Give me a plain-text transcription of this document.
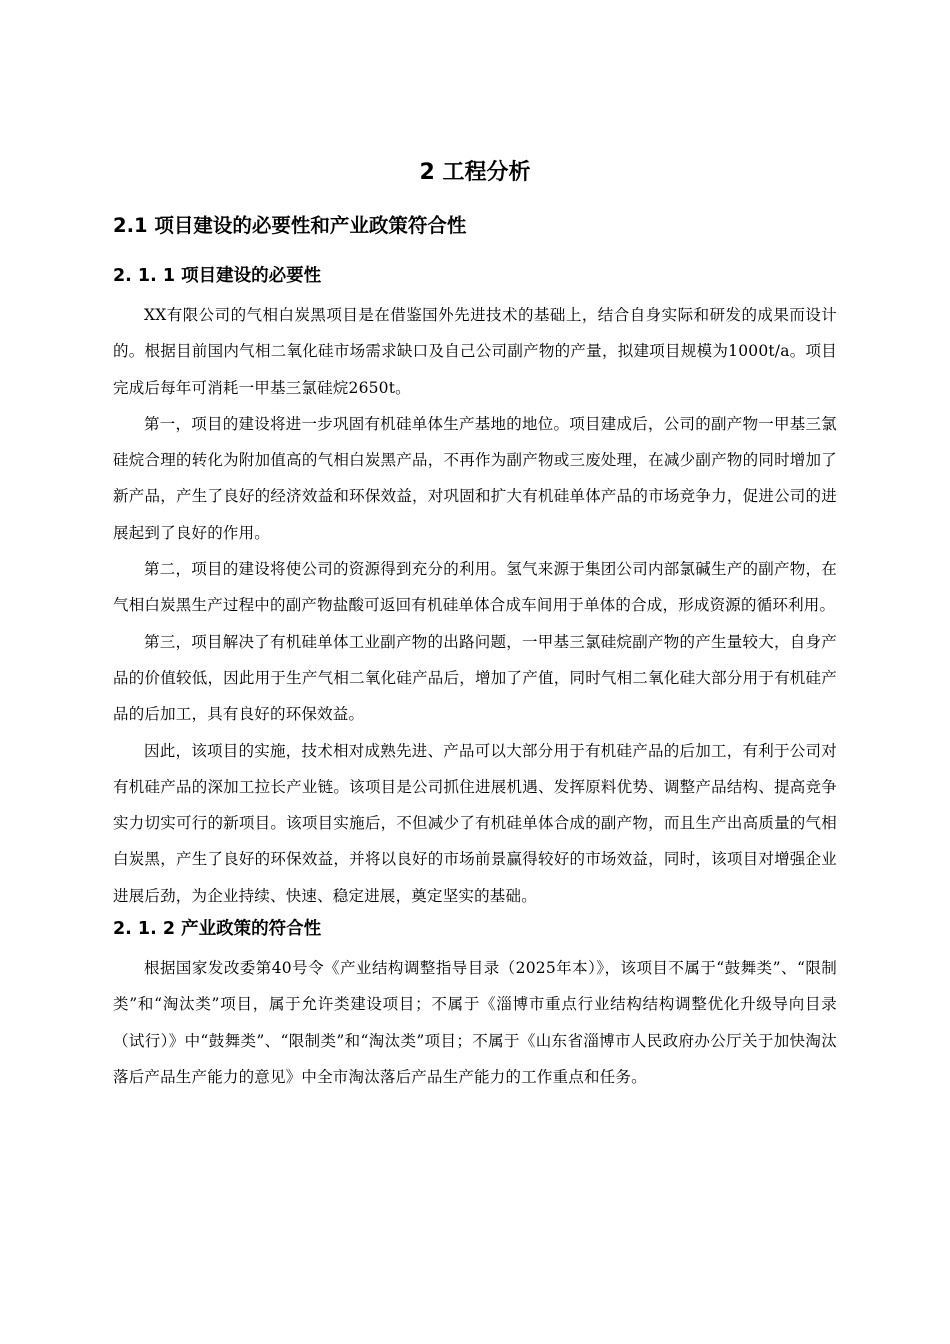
2 工程分析
2.1 项目建设的必要性和产业政策符合性
2. 1. 1 项目建设的必要性

XX有限公司的气相白炭黑项目是在借鉴国外先进技术的基础上，结合自身实际和研发的成果而设计的。根据目前国内气相二氧化硅市场需求缺口及自己公司副产物的产量，拟建项目规模为1000t/a。项目完成后每年可消耗一甲基三氯硅烷2650t。

第一，项目的建设将进一步巩固有机硅单体生产基地的地位。项目建成后，公司的副产物一甲基三氯硅烷合理的转化为附加值高的气相白炭黑产品，不再作为副产物或三废处理，在减少副产物的同时增加了新产品，产生了良好的经济效益和环保效益，对巩固和扩大有机硅单体产品的市场竞争力，促进公司的进展起到了良好的作用。

第二，项目的建设将使公司的资源得到充分的利用。氢气来源于集团公司内部氯碱生产的副产物，在气相白炭黑生产过程中的副产物盐酸可返回有机硅单体合成车间用于单体的合成，形成资源的循环利用。

第三，项目解决了有机硅单体工业副产物的出路问题，一甲基三氯硅烷副产物的产生量较大，自身产品的价值较低，因此用于生产气相二氧化硅产品后，增加了产值，同时气相二氧化硅大部分用于有机硅产品的后加工，具有良好的环保效益。

因此，该项目的实施，技术相对成熟先进、产品可以大部分用于有机硅产品的后加工，有利于公司对有机硅产品的深加工拉长产业链。该项目是公司抓住进展机遇、发挥原料优势、调整产品结构、提高竞争实力切实可行的新项目。该项目实施后，不但减少了有机硅单体合成的副产物，而且生产出高质量的气相白炭黑，产生了良好的环保效益，并将以良好的市场前景赢得较好的市场效益，同时，该项目对增强企业进展后劲，为企业持续、快速、稳定进展，奠定坚实的基础。

2. 1. 2 产业政策的符合性

根据国家发改委第40号令《产业结构调整指导目录（2025年本）》，该项目不属于“鼓舞类”、“限制类”和“淘汰类”项目，属于允许类建设项目；不属于《淄博市重点行业结构结构调整优化升级导向目录（试行）》中“鼓舞类”、“限制类”和“淘汰类”项目；不属于《山东省淄博市人民政府办公厅关于加快淘汰落后产品生产能力的意见》中全市淘汰落后产品生产能力的工作重点和任务。
